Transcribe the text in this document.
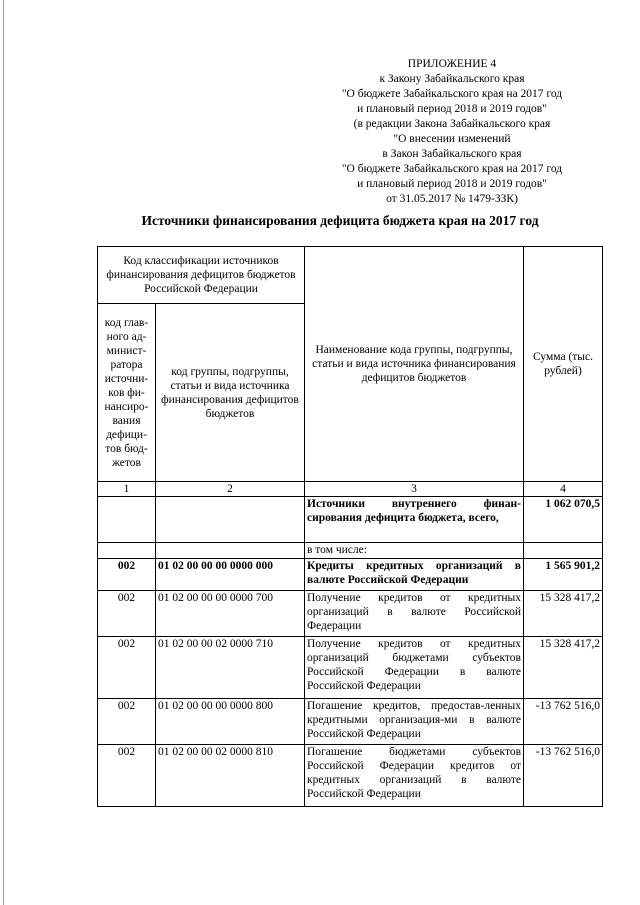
ПРИЛОЖЕНИЕ 4
к Закону Забайкальского края
"О бюджете Забайкальского края на 2017 год
и плановый период 2018 и 2019 годов"
(в редакции Закона Забайкальского края
"О внесении изменений
в Закон Забайкальского края
"О бюджете Забайкальского края на 2017 год
и плановый период 2018 и 2019 годов"
от 31.05.2017 № 1479-ЗЗК)
Источники финансирования дефицита бюджета края на 2017 год
Код классификации источников финансирования дефицитов бюджетов Российской Федерации		Наименование кода группы, подгруппы, статьи и вида источника финансирования дефицитов бюджетов	Сумма (тыс. рублей)
код глав-ного ад-минист-ратора источни-ков фи-нансиро-вания дефици-тов бюд-жетов	код группы, подгруппы, статьи и вида источника финансирования дефицитов бюджетов		
1	2	3	4
		Источники внутреннего финан-сирования дефицита бюджета, всего,	1 062 070,5
		в том числе:	
002	01 02 00 00 00 0000 000	Кредиты кредитных организаций в валюте Российской Федерации	1 565 901,2
002	01 02 00 00 00 0000 700	Получение кредитов от кредитных организаций в валюте Российской Федерации	15 328 417,2
002	01 02 00 00 02 0000 710	Получение кредитов от кредитных организаций бюджетами субъектов Российской Федерации в валюте Российской Федерации	15 328 417,2
002	01 02 00 00 00 0000 800	Погашение кредитов, предостав-ленных кредитными организация-ми в валюте Российской Федерации	-13 762 516,0
002	01 02 00 00 02 0000 810	Погашение бюджетами субъектов Российской Федерации кредитов от кредитных организаций в валюте Российской Федерации	-13 762 516,0
